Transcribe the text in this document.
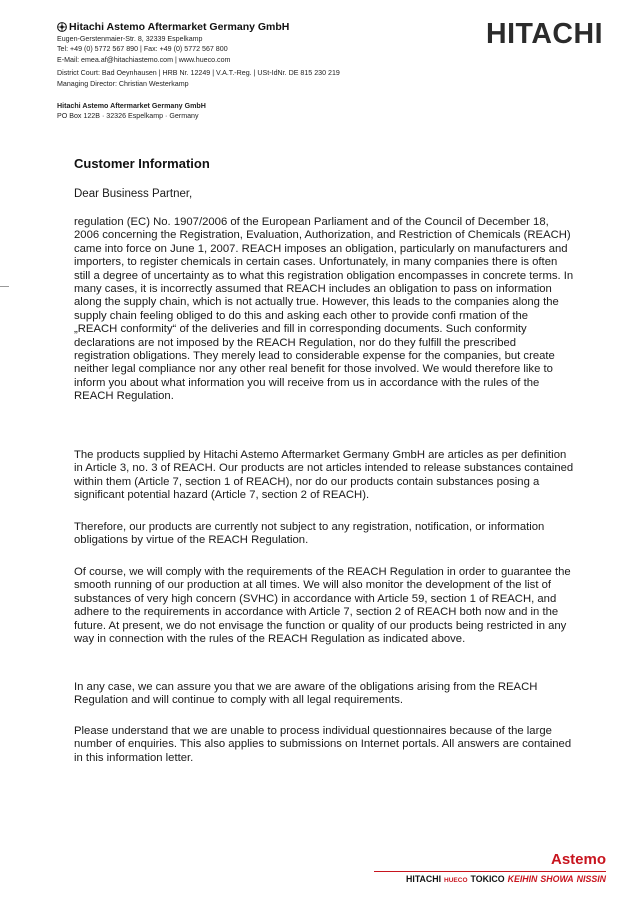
Hitachi Astemo Aftermarket Germany GmbH
Eugen-Gerstenmaier-Str. 8, 32339 Espelkamp
Tel: +49 (0) 5772 567 890 | Fax: +49 (0) 5772 567 800
E-Mail: emea.af@hitachiastemo.com | www.hueco.com
District Court: Bad Oeynhausen | HRB Nr. 12249 | V.A.T.-Reg. | USt-IdNr. DE 815 230 219
Managing Director: Christian Westerkamp
HITACHI
Hitachi Astemo Aftermarket Germany GmbH
PO Box 122B · 32326 Espelkamp · Germany
Customer Information
Dear Business Partner,
regulation (EC) No. 1907/2006 of the European Parliament and of the Council of December 18, 2006 concerning the Registration, Evaluation, Authorization, and Restriction of Chemicals (REACH) came into force on June 1, 2007. REACH imposes an obligation, particularly on manufacturers and importers, to register chemicals in certain cases. Unfortunately, in many companies there is often still a degree of uncertainty as to what this registration obligation encompasses in concrete terms. In many cases, it is incorrectly assumed that REACH includes an obligation to pass on information along the supply chain, which is not actually true. However, this leads to the companies along the supply chain feeling obliged to do this and asking each other to provide confi rmation of the „REACH conformity“ of the deliveries and fill in corresponding documents. Such conformity declarations are not imposed by the REACH Regulation, nor do they fulfill the prescribed registration obligations. They merely lead to considerable expense for the companies, but create neither legal compliance nor any other real benefit for those involved. We would therefore like to inform you about what information you will receive from us in accordance with the rules of the REACH Regulation.
The products supplied by Hitachi Astemo Aftermarket Germany GmbH are articles as per definition in Article 3, no. 3 of REACH. Our products are not articles intended to release substances contained within them (Article 7, section 1 of REACH), nor do our products contain substances posing a significant potential hazard (Article 7, section 2 of REACH).
Therefore, our products are currently not subject to any registration, notification, or information obligations by virtue of the REACH Regulation.
Of course, we will comply with the requirements of the REACH Regulation in order to guarantee the smooth running of our production at all times. We will also monitor the development of the list of substances of very high concern (SVHC) in accordance with Article 59, section 1 of REACH, and adhere to the requirements in accordance with Article 7, section 2 of REACH both now and in the future. At present, we do not envisage the function or quality of our products being restricted in any way in connection with the rules of the REACH Regulation as indicated above.
In any case, we can assure you that we are aware of the obligations arising from the REACH Regulation and will continue to comply with all legal requirements.
Please understand that we are unable to process individual questionnaires because of the large number of enquiries. This also applies to submissions on Internet portals. All answers are contained in this information letter.
Astemo
HITACHI HUECO TOKICO KEIHIN SHOWA NISSIN
